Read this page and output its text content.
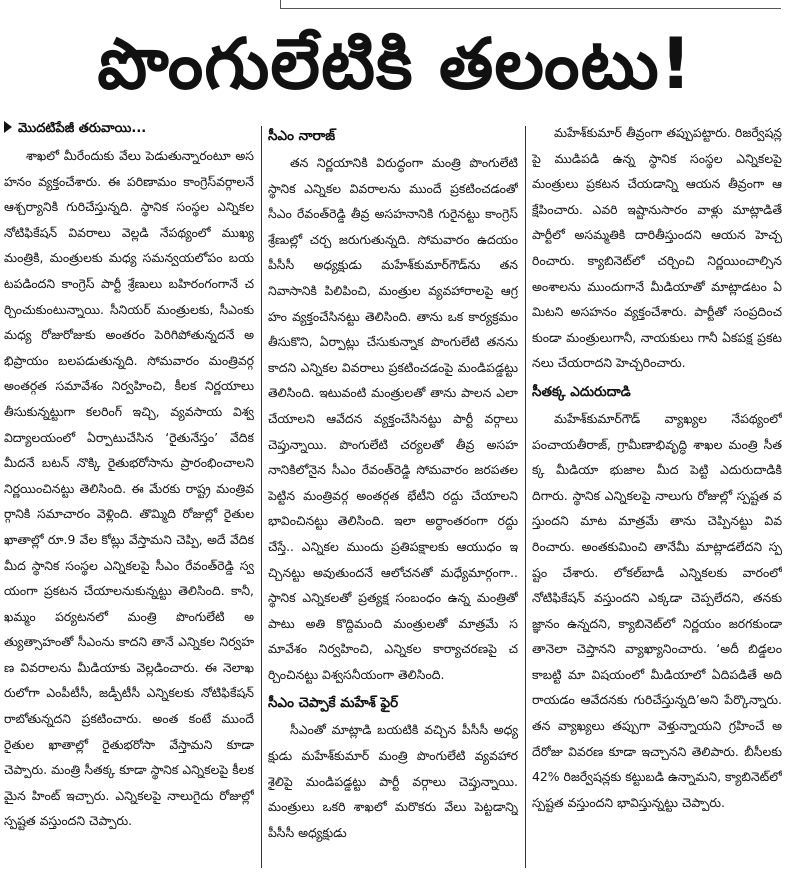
పొంగులేటికి తలంటు!
మొదటిపేజీ తరువాయి...

శాఖలో మీరేందుకు వేలు పెడుతున్నారంటూ అసహనం వ్యక్తంచేశారు. ఈ పరిణామం కాంగ్రెస్‌వర్గాలనే ఆశ్చర్యానికి గురిచేస్తున్నది. స్థానిక సంస్థల ఎన్నికల నోటిఫికేషన్‌ వివరాలు వెల్లడి నేపథ్యంలో ముఖ్యమంత్రికి, మంత్రులకు మధ్య సమన్వయలోపం బయటపడిందని కాంగ్రెస్‌ పార్టీ శ్రేణులు బహిరంగంగానే చర్చించుకుంటున్నాయి. సీనియర్‌ మంత్రులకు, సీఎంకు మధ్య రోజురోజుకు అంతరం పెరిగిపోతున్నదనే అభిప్రాయం బలపడుతున్నది. సోమవారం మంత్రివర్గ అంతర్గత సమావేశం నిర్వహించి, కీలక నిర్ణయాలు తీసుకున్నట్టుగా కలరింగ్‌ ఇచ్చి, వ్యవసాయ విశ్వవిద్యాలయంలో ఏర్పాటుచేసిన ‘రైతునేస్తం’ వేదిక మీదనే బటన్‌ నొక్కి రైతుభరోసాను ప్రారంభించాలని నిర్ణయించినట్టు తెలిసింది. ఈ మేరకు రాష్ట్ర మంత్రివర్గానికి సమాచారం వెళ్లింది. తొమ్మిది రోజుల్లో రైతుల ఖాతాల్లో రూ.9 వేల కోట్లు వేస్తామని చెప్పి, అదే వేదిక మీద స్థానిక సంస్థల ఎన్నికలపై సీఎం రేవంత్‌రెడ్డి స్వయంగా ప్రకటన చేయాలనుకున్నట్టు తెలిసింది. కానీ, ఖమ్మం పర్యటనలో మంత్రి పొంగులేటి అత్యుత్సాహంతో సీఎంను కాదని తానే ఎన్నికల నిర్వహణ వివరాలను మీడియాకు వెల్లడించారు. ఈ నెలాఖరులోగా ఎంపీటీసీ, జడ్పీటీసీ ఎన్నికలకు నోటిఫికేషన్‌ రాబోతున్నదని ప్రకటించారు. అంత కంటే ముందే రైతుల ఖాతాల్లో రైతుభరోసా వేస్తామని కూడా చెప్పారు. మంత్రి సీతక్క కూడా స్థానిక ఎన్నికలపై కీలక మైన హింట్‌ ఇచ్చారు. ఎన్నికలపై నాలుగైదు రోజుల్లో స్పష్టత వస్తుందని చెప్పారు.

సీఎం నారాజ్‌

తన నిర్ణయానికి విరుద్ధంగా మంత్రి పొంగులేటి స్థానిక ఎన్నికల వివరాలను ముందే ప్రకటించడంతో సీఎం రేవంత్‌రెడ్డి తీవ్ర అసహనానికి గురైనట్టు కాంగ్రెస్‌ శ్రేణుల్లో చర్చ జరుగుతున్నది. సోమవారం ఉదయం పీసీసీ అధ్యక్షుడు మహేశ్‌కుమార్‌గౌడ్‌ను తన నివాసానికి పిలిపించి, మంత్రుల వ్యవహారాలపై ఆగ్రహం వ్యక్తంచేసినట్టు తెలిసింది. తాను ఒక కార్యక్రమం తీసుకొని, ఏర్పాట్లు చేసుకున్నాక పొంగులేటి తనను కాదని ఎన్నికల వివరాలు ప్రకటించడంపై మండిపడ్డట్టు తెలిసింది. ఇటువంటి మంత్రులతో తాను పాలన ఎలా చేయాలని ఆవేదన వ్యక్తంచేసినట్టు పార్టీ వర్గాలు చెప్తున్నాయి. పొంగులేటి చర్యలతో తీవ్ర అసహనానికిలోనైన సీఎం రేవంత్‌రెడ్డి సోమవారం జరపతలపెట్టిన మంత్రివర్గ అంతర్గత భేటీని రద్దు చేయాలని భావించినట్టు తెలిసింది. ఇలా అర్ధాంతరంగా రద్దు చేస్తే.. ఎన్నికల ముందు ప్రతిపక్షాలకు ఆయుధం ఇచ్చినట్టు అవుతుందనే ఆలోచనతో మధ్యేమార్గంగా.. స్థానిక ఎన్నికలతో ప్రత్యక్ష సంబంధం ఉన్న మంత్రితో పాటు అతి కొద్దిమంది మంత్రులతో మాత్రమే సమావేశం నిర్వహించి, ఎన్నికల కార్యాచరణపై చర్చించినట్టు విశ్వసనీయంగా తెలిసింది.

సీఎం చెప్పాకే మహేశ్‌ ఫైర్‌

సీఎంతో మాట్లాడి బయటికి వచ్చిన పీసీసీ అధ్యక్షుడు మహేశ్‌కుమార్‌ మంత్రి పొంగులేటి వ్యవహారశైలిపై మండిపడ్డట్టు పార్టీ వర్గాలు చెప్తున్నాయి. మంత్రులు ఒకరి శాఖలో మరొకరు వేలు పెట్టడాన్ని పీసీసీ అధ్యక్షుడు

మహేశ్‌కుమార్‌ తీవ్రంగా తప్పుపట్టారు. రిజర్వేషన్లపై ముడిపడి ఉన్న స్థానిక సంస్థల ఎన్నికలపై మంత్రులు ప్రకటన చేయడాన్ని ఆయన తీవ్రంగా ఆక్షేపించారు. ఎవరి ఇష్టానుసారం వాళ్లు మాట్లాడితే పార్టీలో అసమ్మతికి దారితీస్తుందని ఆయన హెచ్చరించారు. క్యాబినెట్‌లో చర్చించి నిర్ణయించాల్సిన అంశాలను ముందుగానే మీడియాతో మాట్లాడటం ఏమిటని అసహనం వ్యక్తంచేశారు. పార్టీతో సంప్రదించకుండా మంత్రులుగానీ, నాయకులు గానీ ఏకపక్ష ప్రకటనలు చేయరాదని హెచ్చరించారు.

సీతక్క ఎదురుదాడి

మహేశ్‌కుమార్‌గౌడ్‌ వ్యాఖ్యల నేపథ్యంలో పంచాయతీరాజ్‌, గ్రామీణాభివృద్ధి శాఖల మంత్రి సీతక్క మీడియా భుజాల మీద పెట్టి ఎదురుదాడికి దిగారు. స్థానిక ఎన్నికలపై నాలుగు రోజుల్లో స్పష్టత వస్తుందని మాట మాత్రమే తాను చెప్పినట్టు వివరించారు. అంతకుమించి తానేమీ మాట్లాడలేదని స్పష్టం చేశారు. లోకల్‌బాడీ ఎన్నికలకు వారంలో నోటిఫికేషన్‌ వస్తుందని ఎక్కడా చెప్పలేదని, తనకు జ్ఞానం ఉన్నదని, క్యాబినెట్‌లో నిర్ణయం జరగకుండా తానెలా చెప్తానని వ్యాఖ్యానించారు. ‘అదీ బిడ్డలం కాబట్టి మా విషయంలో మీడియాలో ఏదిపడితే అది రాయడం ఆవేదనకు గురిచేస్తున్నది’అని పేర్కొన్నారు. తన వ్యాఖ్యలు తప్పుగా వెళ్తున్నాయని గ్రహించే అదేరోజు వివరణ కూడా ఇచ్చానని తెలిపారు. బీసీలకు 42% రిజర్వేషన్లకు కట్టుబడి ఉన్నామని, క్యాబినెట్‌లో స్పష్టత వస్తుందని భావిస్తున్నట్టు చెప్పారు.
